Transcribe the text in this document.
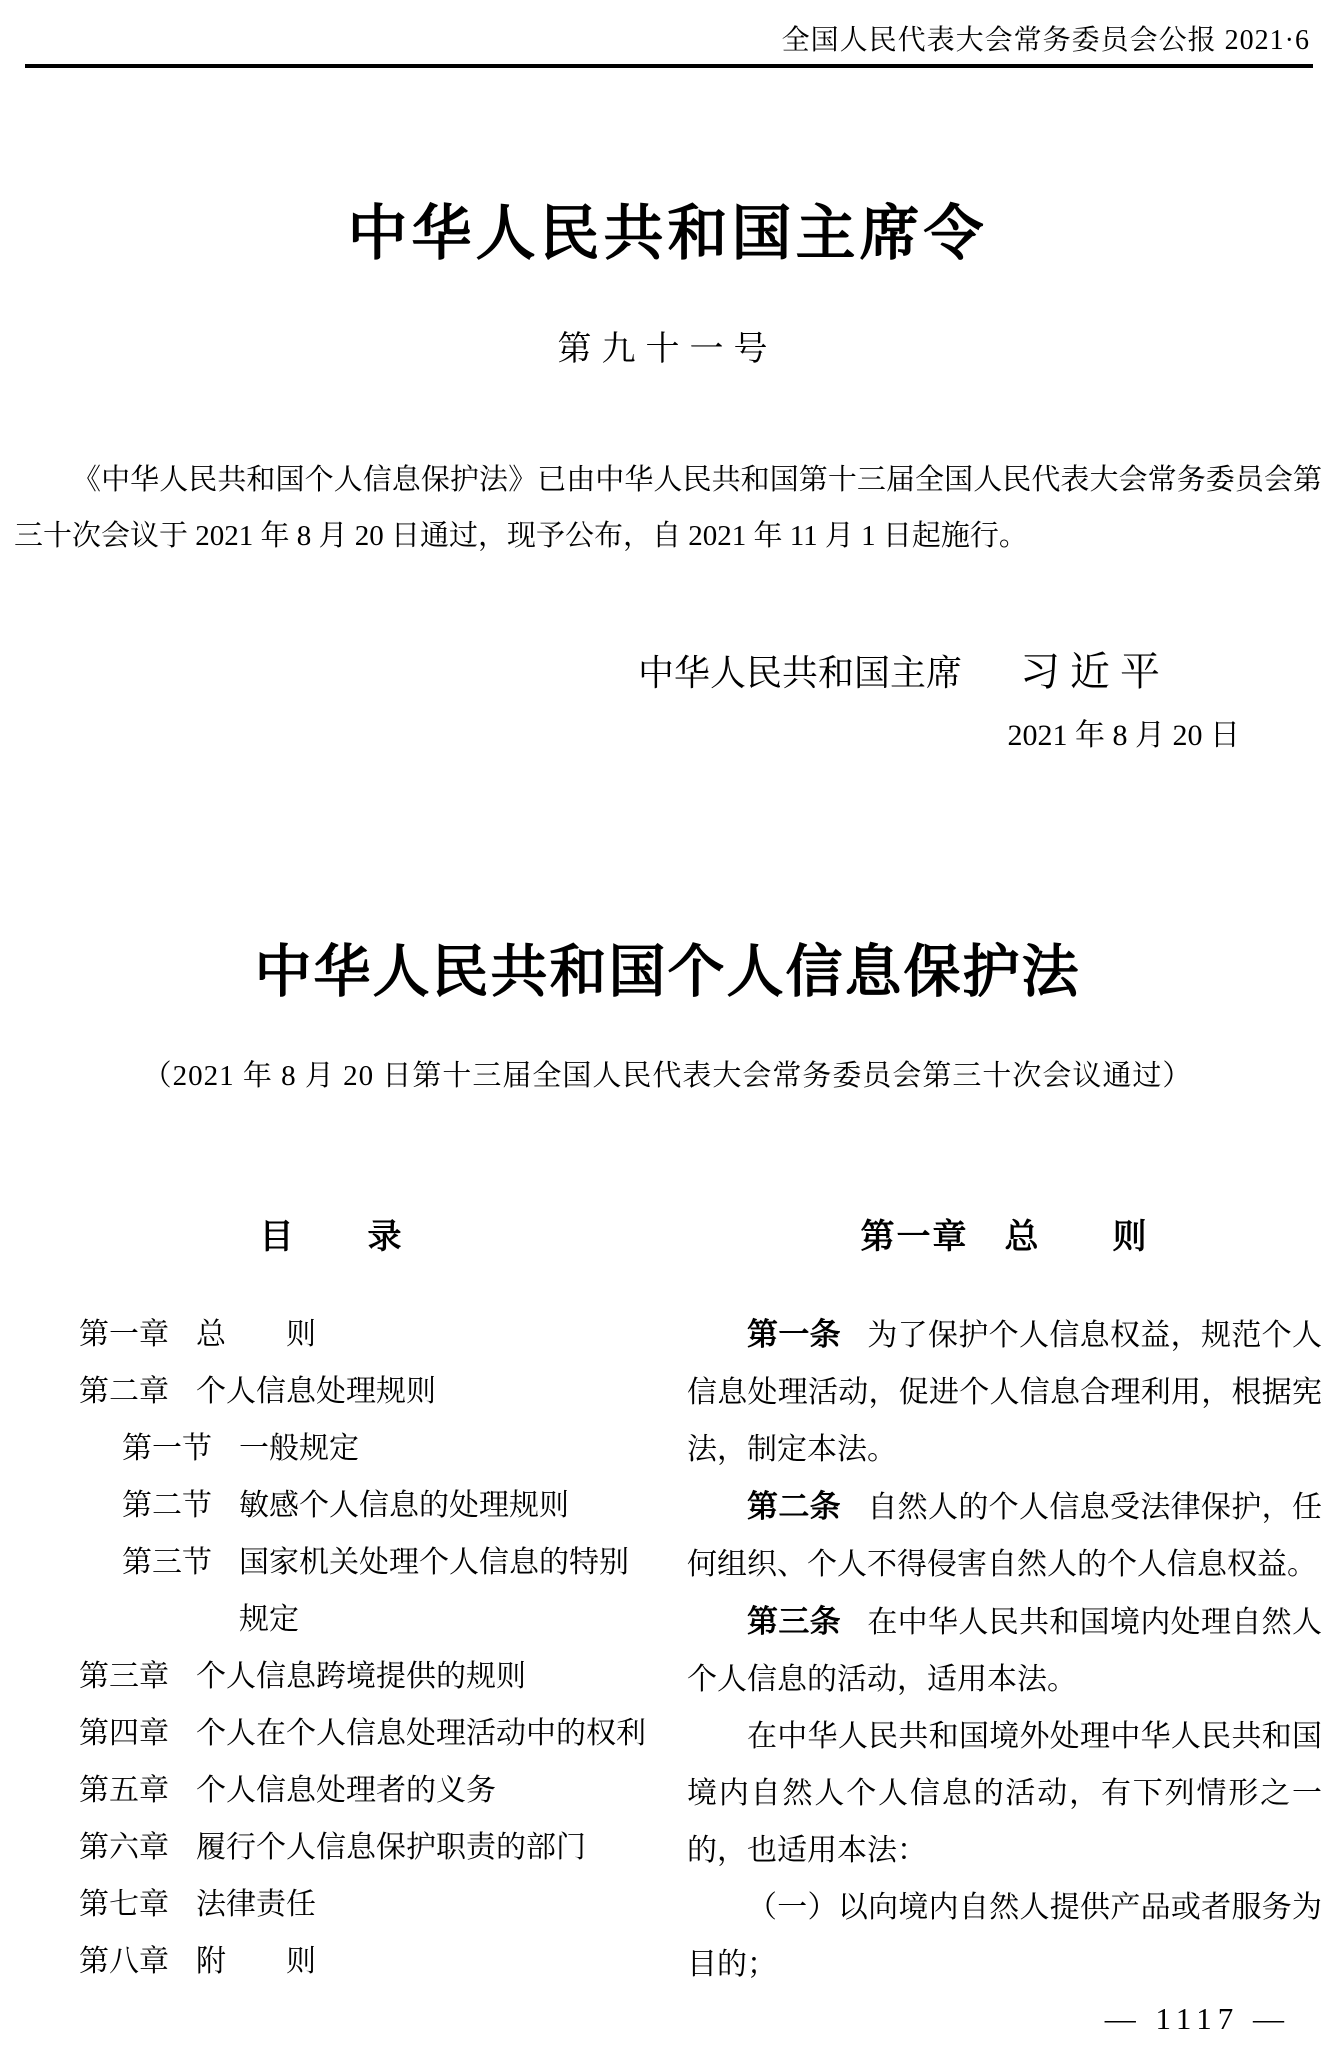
全国人民代表大会常务委员会公报 2021·6
中华人民共和国主席令
第九十一号
《中华人民共和国个人信息保护法》已由中华人民共和国第十三届全国人民代表大会常务委员会第三十次会议于 2021 年 8 月 20 日通过，现予公布，自 2021 年 11 月 1 日起施行。
中华人民共和国主席 习 近 平
2021 年 8 月 20 日
中华人民共和国个人信息保护法
（2021 年 8 月 20 日第十三届全国人民代表大会常务委员会第三十次会议通过）
目　　录
第一章 总　　则
第二章 个人信息处理规则
第一节 一般规定
第二节 敏感个人信息的处理规则
第三节 国家机关处理个人信息的特别规定
第三章 个人信息跨境提供的规则
第四章 个人在个人信息处理活动中的权利
第五章 个人信息处理者的义务
第六章 履行个人信息保护职责的部门
第七章 法律责任
第八章 附　　则
第一章　总　　则

第一条 为了保护个人信息权益，规范个人信息处理活动，促进个人信息合理利用，根据宪法，制定本法。

第二条 自然人的个人信息受法律保护，任何组织、个人不得侵害自然人的个人信息权益。

第三条 在中华人民共和国境内处理自然人个人信息的活动，适用本法。

在中华人民共和国境外处理中华人民共和国境内自然人个人信息的活动，有下列情形之一的，也适用本法：

（一）以向境内自然人提供产品或者服务为目的；

— 1117 —
